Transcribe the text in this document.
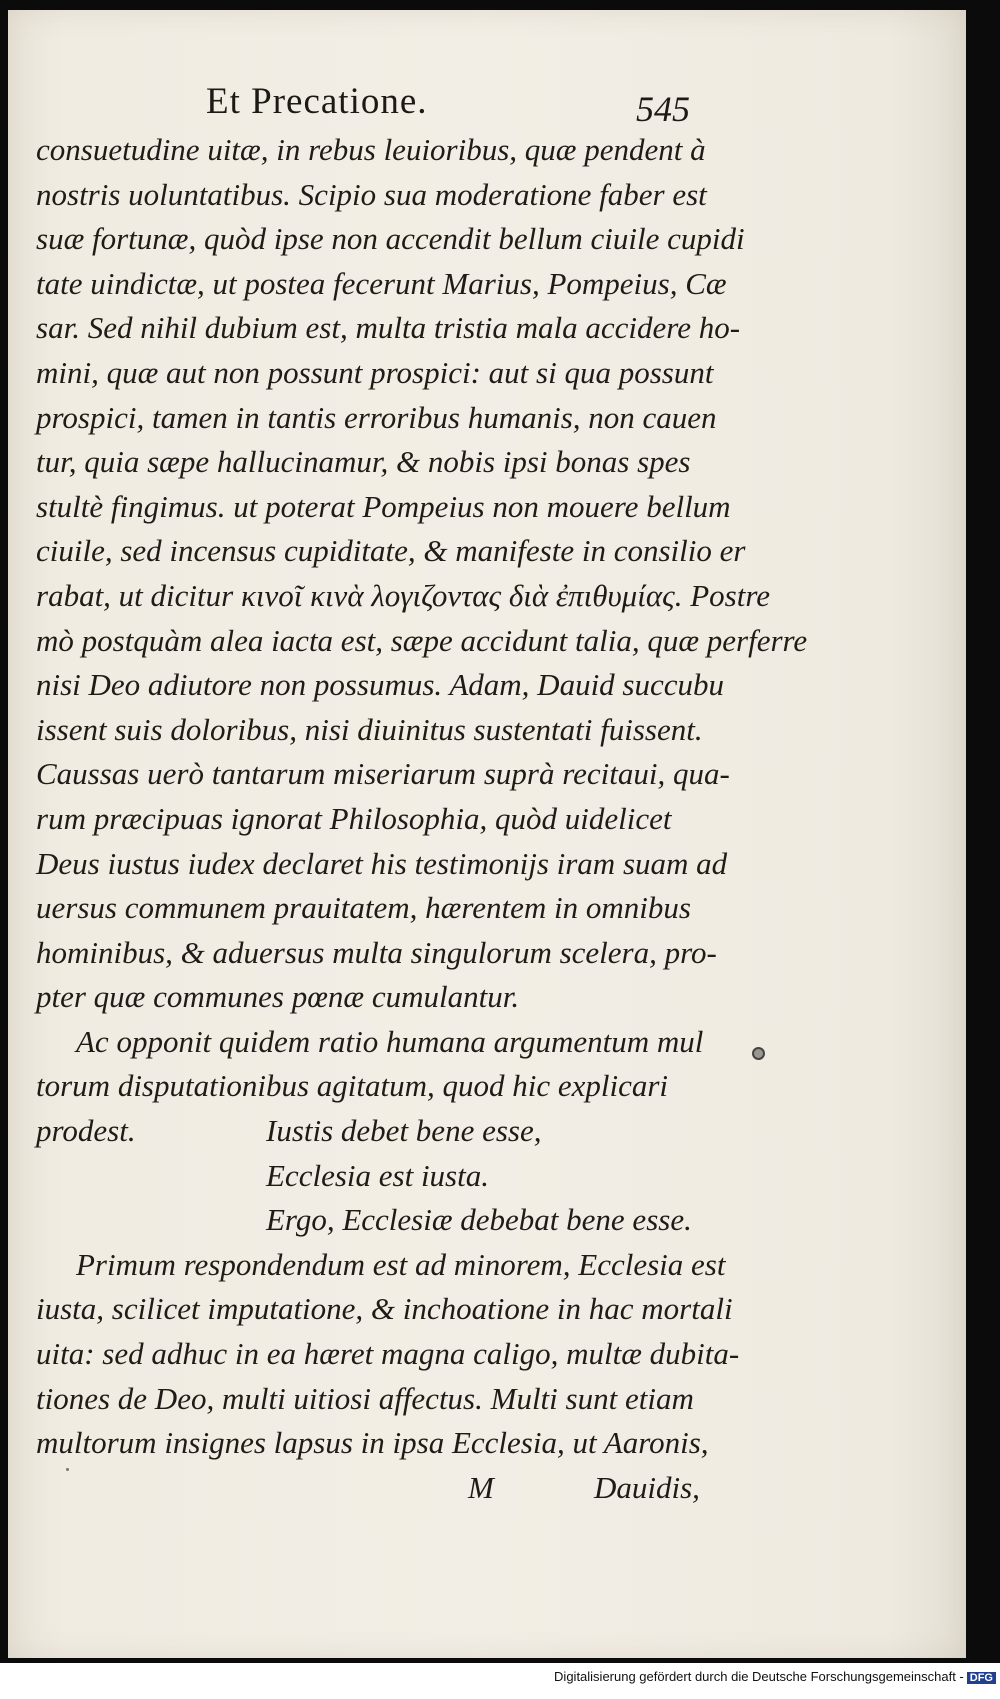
Et Precatione.	545
consuetudine uitæ, in rebus leuioribus, quæ pendent à
nostris uoluntatibus. Scipio sua moderatione faber est
suæ fortunæ, quòd ipse non accendit bellum ciuile cupidi
tate uindictæ, ut postea fecerunt Marius, Pompeius, Cæ
sar. Sed nihil dubium est, multa tristia mala accidere ho-
mini, quæ aut non possunt prospici: aut si qua possunt
prospici, tamen in tantis erroribus humanis, non cauen
tur, quia sæpe hallucinamur, & nobis ipsi bonas spes
stultè fingimus. ut poterat Pompeius non mouere bellum
ciuile, sed incensus cupiditate, & manifeste in consilio er
rabat, ut dicitur κινοῖ κινὰ λογιζοντας διὰ ἐπιθυμίας. Postre
mò postquàm alea iacta est, sæpe accidunt talia, quæ perferre
nisi Deo adiutore non possumus. Adam, Dauid succubu
issent suis doloribus, nisi diuinitus sustentati fuissent.
Caussas uerò tantarum miseriarum suprà recitaui, qua-
rum præcipuas ignorat Philosophia, quòd uidelicet
Deus iustus iudex declaret his testimonijs iram suam ad
uersus communem prauitatem, hærentem in omnibus
hominibus, & aduersus multa singulorum scelera, pro-
pter quæ communes pœnæ cumulantur.
Ac opponit quidem ratio humana argumentum mul
torum disputationibus agitatum, quod hic explicari
prodest.	Iustis debet bene esse,
Ecclesia est iusta.
Ergo, Ecclesiæ debebat bene esse.
Primum respondendum est ad minorem, Ecclesia est
iusta, scilicet imputatione, & inchoatione in hac mortali
uita: sed adhuc in ea hæret magna caligo, multæ dubita-
tiones de Deo, multi uitiosi affectus. Multi sunt etiam
multorum insignes lapsus in ipsa Ecclesia, ut Aaronis,
M	Dauidis,
Digitalisierung gefördert durch die Deutsche Forschungsgemeinschaft - DFG
